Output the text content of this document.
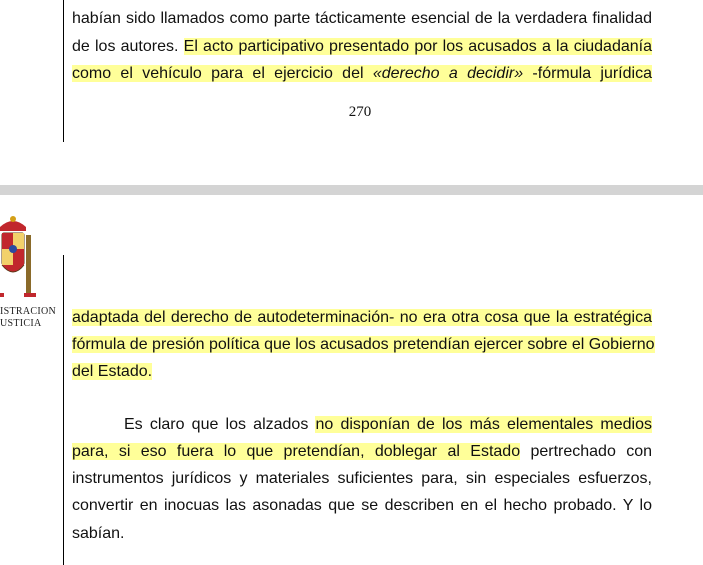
habían sido llamados como parte tácticamente esencial de la verdadera finalidad
de los autores. El acto participativo presentado por los acusados a la ciudadanía
como el vehículo para el ejercicio del «derecho a decidir» -fórmula jurídica
270
ISTRACION
USTICIA adaptada del derecho de autodeterminación- no era otra cosa que la estratégica
fórmula de presión política que los acusados pretendían ejercer sobre el Gobierno
del Estado.
Es claro que los alzados no disponían de los más elementales medios
para, si eso fuera lo que pretendían, doblegar al Estado pertrechado con
instrumentos jurídicos y materiales suficientes para, sin especiales esfuerzos,
convertir en inocuas las asonadas que se describen en el hecho probado. Y lo
sabían.
